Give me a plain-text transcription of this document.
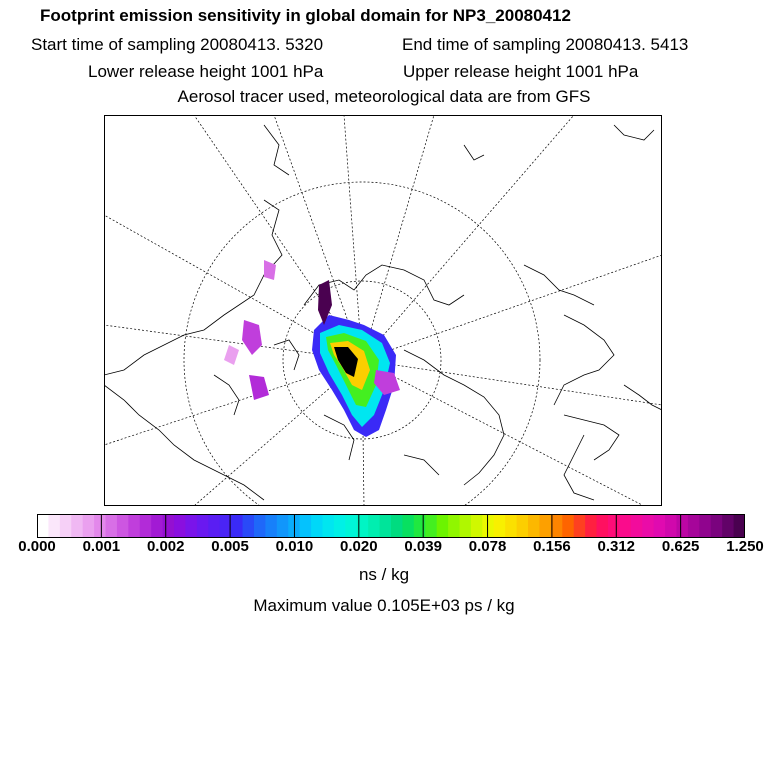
Footprint emission sensitivity in global domain for NP3_20080412
Start time of sampling 20080413. 5320	End time of sampling 20080413. 5413
Lower release height 1001 hPa	Upper release height 1001 hPa
Aerosol tracer used, meteorological data are from GFS
0.000 0.001 0.002 0.005 0.010 0.020 0.039 0.078 0.156 0.312 0.625 1.250
ns / kg
Maximum value 0.105E+03 ps / kg
